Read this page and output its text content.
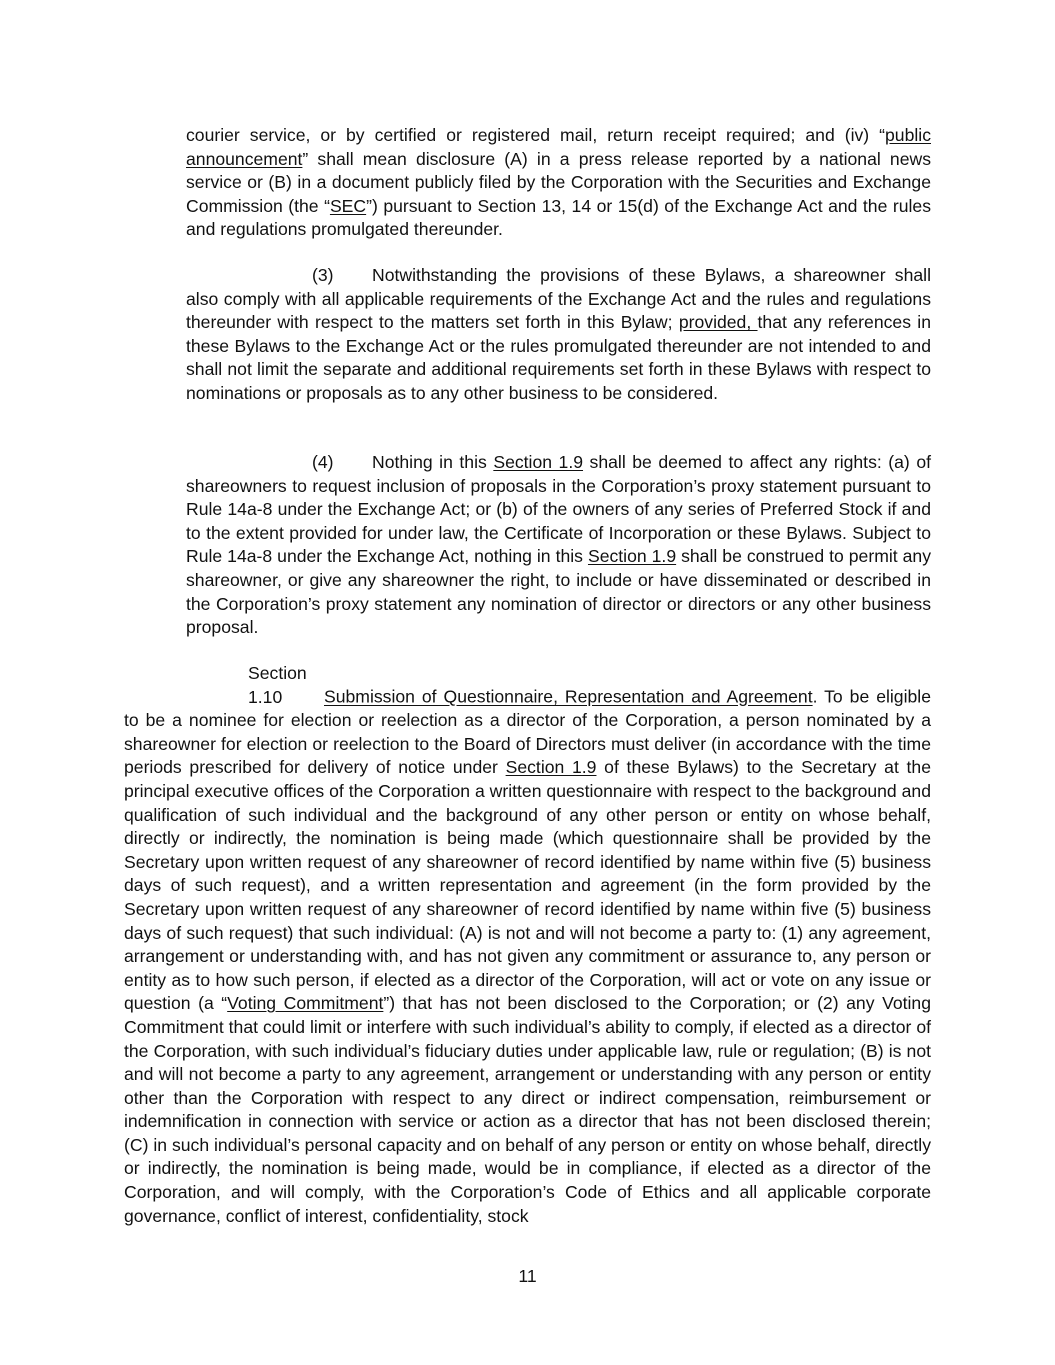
courier service, or by certified or registered mail, return receipt required; and (iv) “public announcement” shall mean disclosure (A) in a press release reported by a national news service or (B) in a document publicly filed by the Corporation with the Securities and Exchange Commission (the “SEC”) pursuant to Section 13, 14 or 15(d) of the Exchange Act and the rules and regulations promulgated thereunder.

(3) Notwithstanding the provisions of these Bylaws, a shareowner shall also comply with all applicable requirements of the Exchange Act and the rules and regulations thereunder with respect to the matters set forth in this Bylaw; provided, that any references in these Bylaws to the Exchange Act or the rules promulgated thereunder are not intended to and shall not limit the separate and additional requirements set forth in these Bylaws with respect to nominations or proposals as to any other business to be considered.

(4) Nothing in this Section 1.9 shall be deemed to affect any rights: (a) of shareowners to request inclusion of proposals in the Corporation’s proxy statement pursuant to Rule 14a-8 under the Exchange Act; or (b) of the owners of any series of Preferred Stock if and to the extent provided for under law, the Certificate of Incorporation or these Bylaws. Subject to Rule 14a-8 under the Exchange Act, nothing in this Section 1.9 shall be construed to permit any shareowner, or give any shareowner the right, to include or have disseminated or described in the Corporation’s proxy statement any nomination of director or directors or any other business proposal.

Section 1.10 Submission of Questionnaire, Representation and Agreement. To be eligible to be a nominee for election or reelection as a director of the Corporation, a person nominated by a shareowner for election or reelection to the Board of Directors must deliver (in accordance with the time periods prescribed for delivery of notice under Section 1.9 of these Bylaws) to the Secretary at the principal executive offices of the Corporation a written questionnaire with respect to the background and qualification of such individual and the background of any other person or entity on whose behalf, directly or indirectly, the nomination is being made (which questionnaire shall be provided by the Secretary upon written request of any shareowner of record identified by name within five (5) business days of such request), and a written representation and agreement (in the form provided by the Secretary upon written request of any shareowner of record identified by name within five (5) business days of such request) that such individual: (A) is not and will not become a party to: (1) any agreement, arrangement or understanding with, and has not given any commitment or assurance to, any person or entity as to how such person, if elected as a director of the Corporation, will act or vote on any issue or question (a “Voting Commitment”) that has not been disclosed to the Corporation; or (2) any Voting Commitment that could limit or interfere with such individual’s ability to comply, if elected as a director of the Corporation, with such individual’s fiduciary duties under applicable law, rule or regulation; (B) is not and will not become a party to any agreement, arrangement or understanding with any person or entity other than the Corporation with respect to any direct or indirect compensation, reimbursement or indemnification in connection with service or action as a director that has not been disclosed therein; (C) in such individual’s personal capacity and on behalf of any person or entity on whose behalf, directly or indirectly, the nomination is being made, would be in compliance, if elected as a director of the Corporation, and will comply, with the Corporation’s Code of Ethics and all applicable corporate governance, conflict of interest, confidentiality, stock

11
